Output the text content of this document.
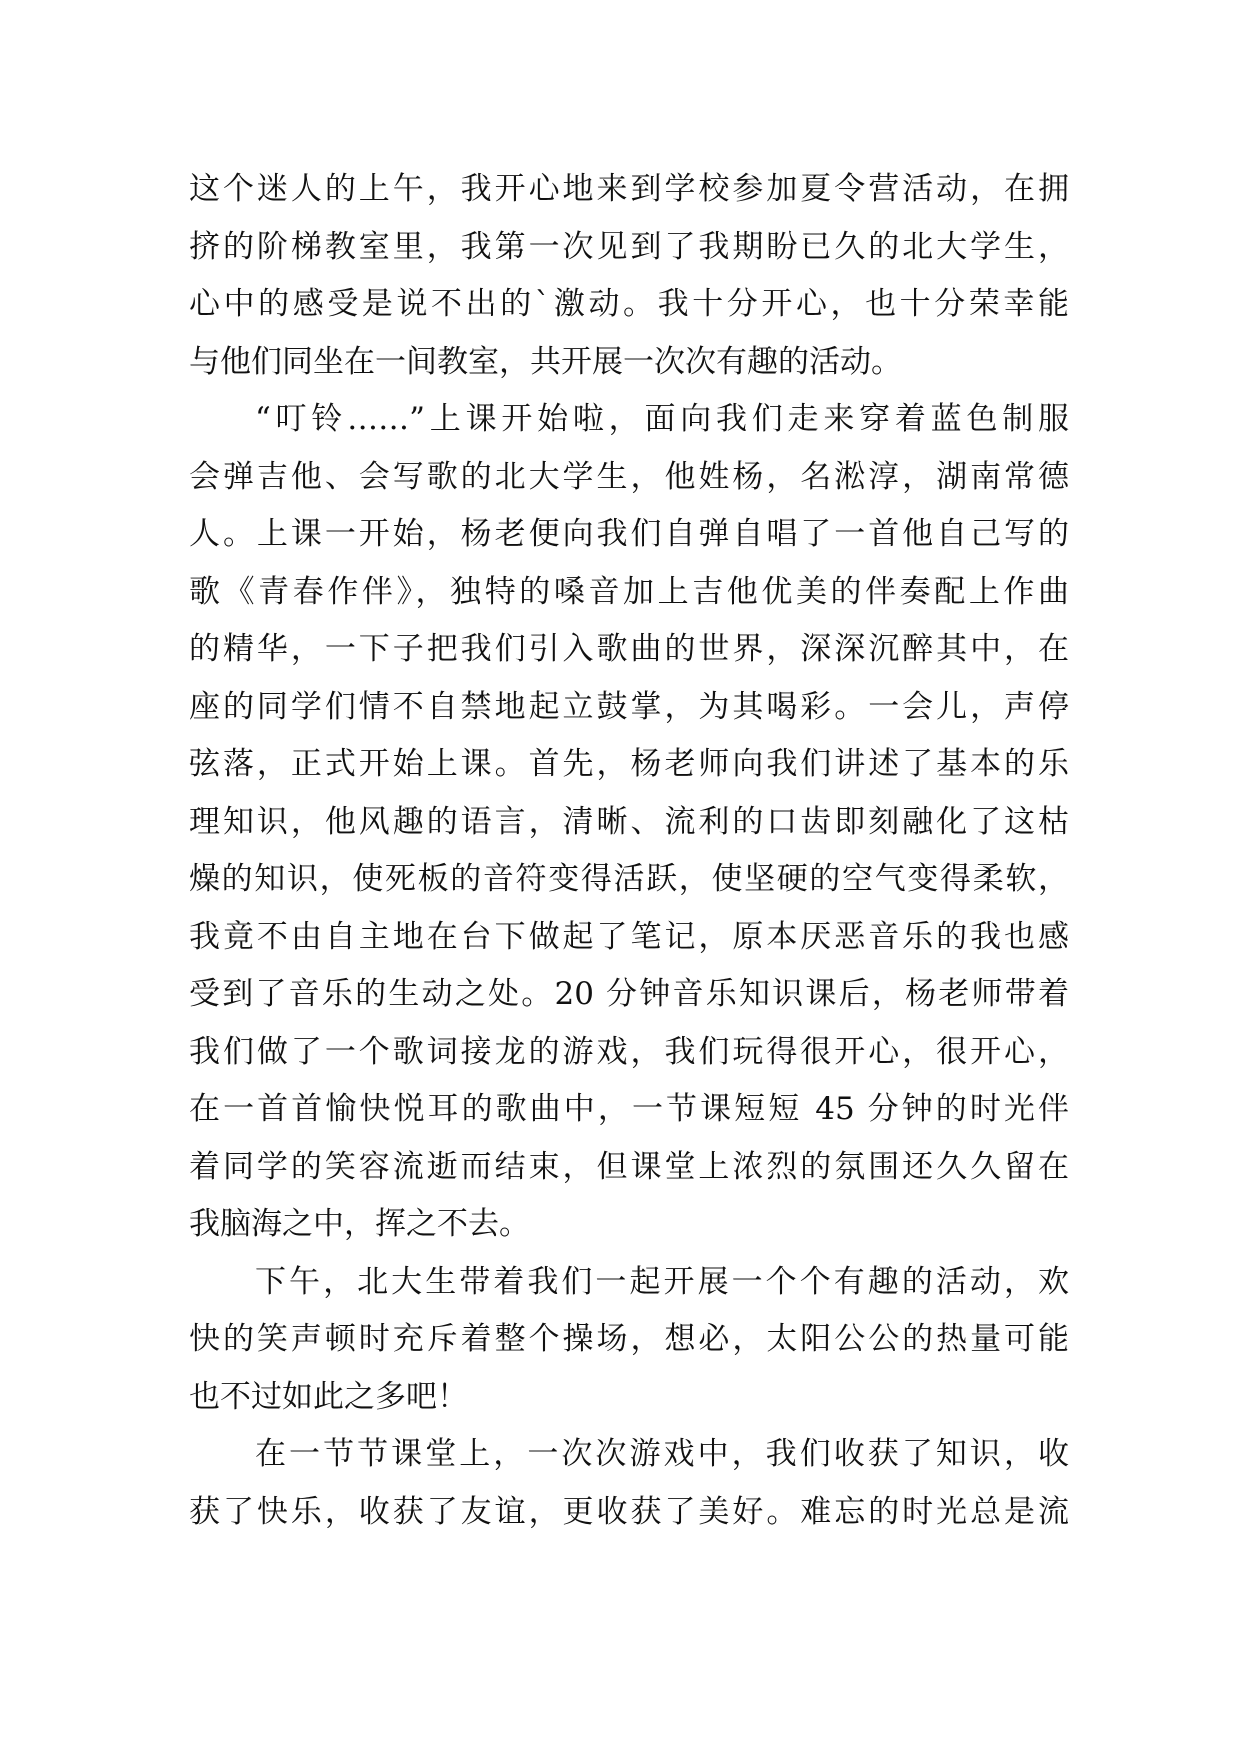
这个迷人的上午，我开心地来到学校参加夏令营活动，在拥
挤的阶梯教室里，我第一次见到了我期盼已久的北大学生，
心中的感受是说不出的`激动。我十分开心，也十分荣幸能
与他们同坐在一间教室，共开展一次次有趣的活动。
“叮铃……”上课开始啦，面向我们走来穿着蓝色制服
会弹吉他、会写歌的北大学生，他姓杨，名淞淳，湖南常德
人。上课一开始，杨老便向我们自弹自唱了一首他自己写的
歌《青春作伴》，独特的嗓音加上吉他优美的伴奏配上作曲
的精华，一下子把我们引入歌曲的世界，深深沉醉其中，在
座的同学们情不自禁地起立鼓掌，为其喝彩。一会儿，声停
弦落，正式开始上课。首先，杨老师向我们讲述了基本的乐
理知识，他风趣的语言，清晰、流利的口齿即刻融化了这枯
燥的知识，使死板的音符变得活跃，使坚硬的空气变得柔软，
我竟不由自主地在台下做起了笔记，原本厌恶音乐的我也感
受到了音乐的生动之处。20 分钟音乐知识课后，杨老师带着
我们做了一个歌词接龙的游戏，我们玩得很开心，很开心，
在一首首愉快悦耳的歌曲中，一节课短短 45 分钟的时光伴
着同学的笑容流逝而结束，但课堂上浓烈的氛围还久久留在
我脑海之中，挥之不去。
下午，北大生带着我们一起开展一个个有趣的活动，欢
快的笑声顿时充斥着整个操场，想必，太阳公公的热量可能
也不过如此之多吧！
在一节节课堂上，一次次游戏中，我们收获了知识，收
获了快乐，收获了友谊，更收获了美好。难忘的时光总是流
